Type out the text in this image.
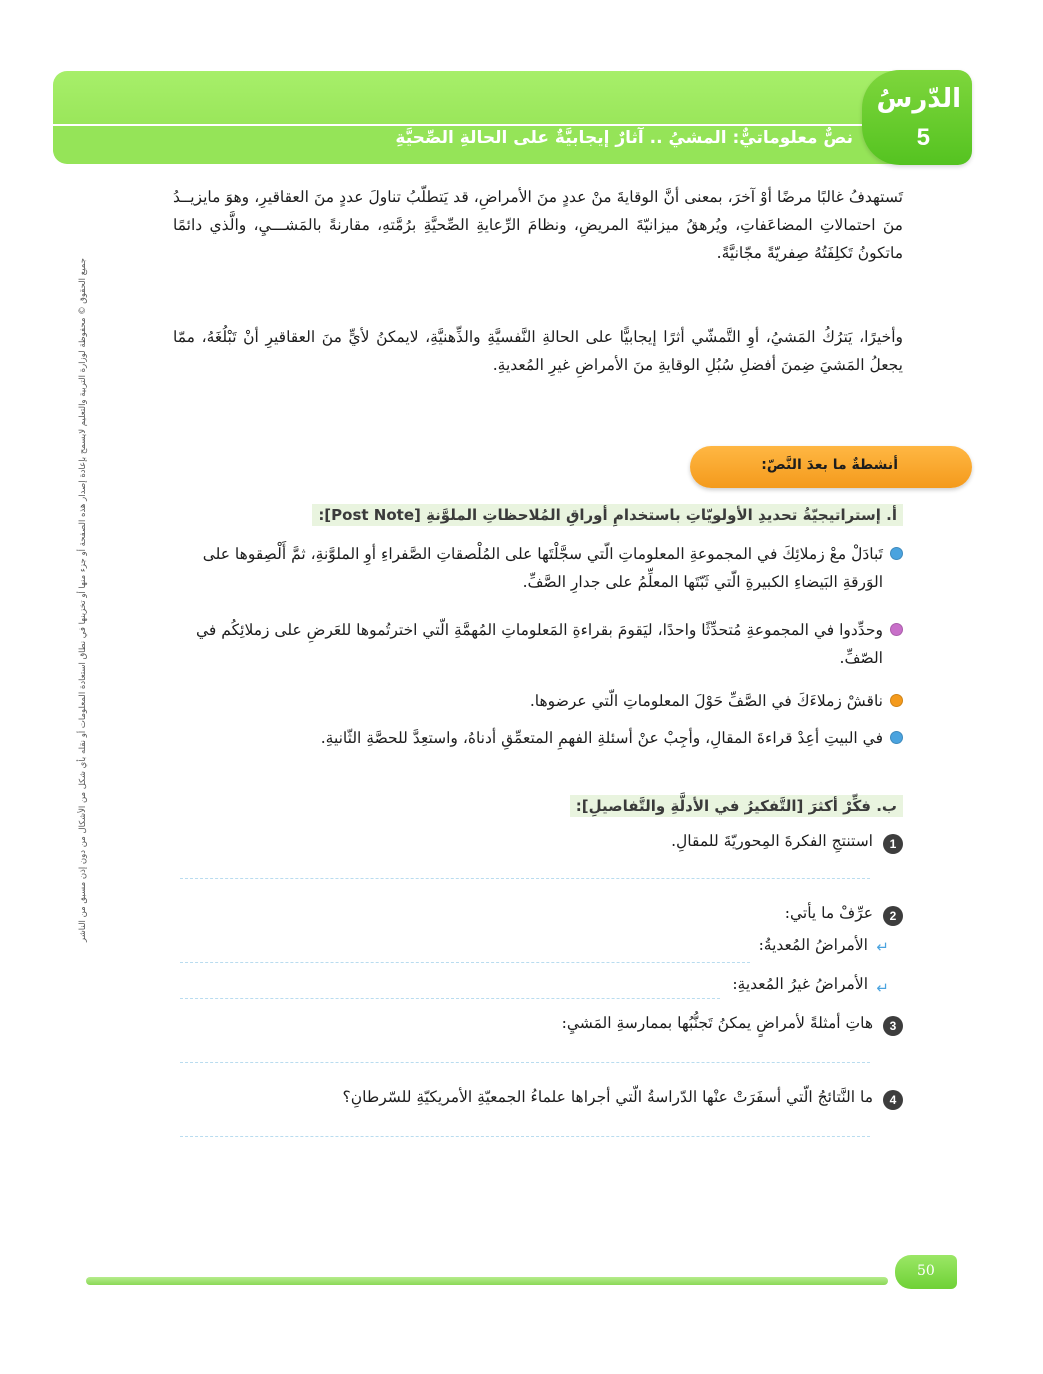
نصٌّ معلوماتيٌّ: المشيُ .. آثارٌ إيجابيَّةٌ على الحالةِ الصِّحيَّةِ
الدّرسُ
5
جميع الحقوق © محفوظة لوزارة التربية والتعليم لايسمح بإعادة إصدار هذه الصفحة أو جزء منها أو تخزينها في نطاق استعادة المعلومات أو نقله بأي شكل من الأشكال من دون إذن مسبق من الناشر
تَستهدفُ غالبًا مرضًا أوْ آخرَ، بمعنى أنَّ الوقايةَ منْ عددٍ منَ الأمراضِ، قد يَتطلّبُ تناولَ عددٍ منَ العقاقيرِ، وهوَ مايزيــدُ منَ احتمالاتِ المضاعَفاتِ، ويُرهقُ ميزانيّةَ المريضِ، ونظامَ الرِّعايةِ الصِّحيَّةِ برُمَّتهِ، مقارنةً بالمَشـــيِ، والَّذي دائمًا ماتكونُ تَكلِفَتُهُ صِفريّةً مجّانيَّةً.
وأخيرًا، يَترُكُ المَشيُ، أوِ التَّمشّي أثرًا إيجابيًّا على الحالةِ النَّفسيَّةِ والذِّهنيَّةِ، لايمكنُ لأيٍّ منَ العقاقيرِ أنْ تَبْلُغَهُ، ممّا يجعلُ المَشيَ ضِمنَ أفضلِ سُبُلِ الوقايةِ منَ الأمراضِ غيرِ المُعديةِ.
أنشطةٌ ما بعدَ النَّصّ:
أ. إستراتيجيّةُ تحديدِ الأولويّاتِ باستخدامِ أوراقِ المُلاحظاتِ الملوَّنةِ [Post Note]:
تَبادَلْ معْ زملائِكَ في المجموعةِ المعلوماتِ الّتي سجَّلْتَها على المُلْصقاتِ الصَّفراءِ أوِ الملوَّنةِ، ثمَّ أَلْصِقوها على الوَرقةِ البَيضاءِ الكبيرةِ الّتي ثَبّتَها المعلِّمُ على جدارِ الصَّفِّ.
وحدِّدوا في المجموعةِ مُتحدِّثًا واحدًا، ليَقومَ بقراءةِ المَعلوماتِ المُهمَّةِ الّتي اخترتُموها للعَرضِ على زملائِكُم في الصّفِّ.
ناقشْ زملاءَكَ في الصَّفِّ حَوْلَ المعلوماتِ الّتي عرضوها.
في البيتِ أعِدْ قراءةَ المقالِ، وأجِبْ عنْ أسئلةِ الفهمِ المتعمِّقِ أدناهُ، واستعِدَّ للحصَّةِ الثّانيةِ.
ب. فكِّرْ أكثرَ [التَّفكيرُ في الأدلَّةِ والتَّفاصيلِ]:
1
استنتجِ الفكرةَ المِحوريّةَ للمقالِ.
2
عرِّفْ ما يأتي:
↵
الأمراضُ المُعديةُ:
↵
الأمراضُ غيرُ المُعديةِ:
3
هاتِ أمثلةً لأمراضٍ يمكنُ تَجنُّبُها بممارسةِ المَشيِ:
4
ما النَّتائجُ الّتي أسفَرَتْ عنْها الدّراسةُ الّتي أجراها علماءُ الجمعيّةِ الأمريكيّةِ للسّرطانِ؟
50
